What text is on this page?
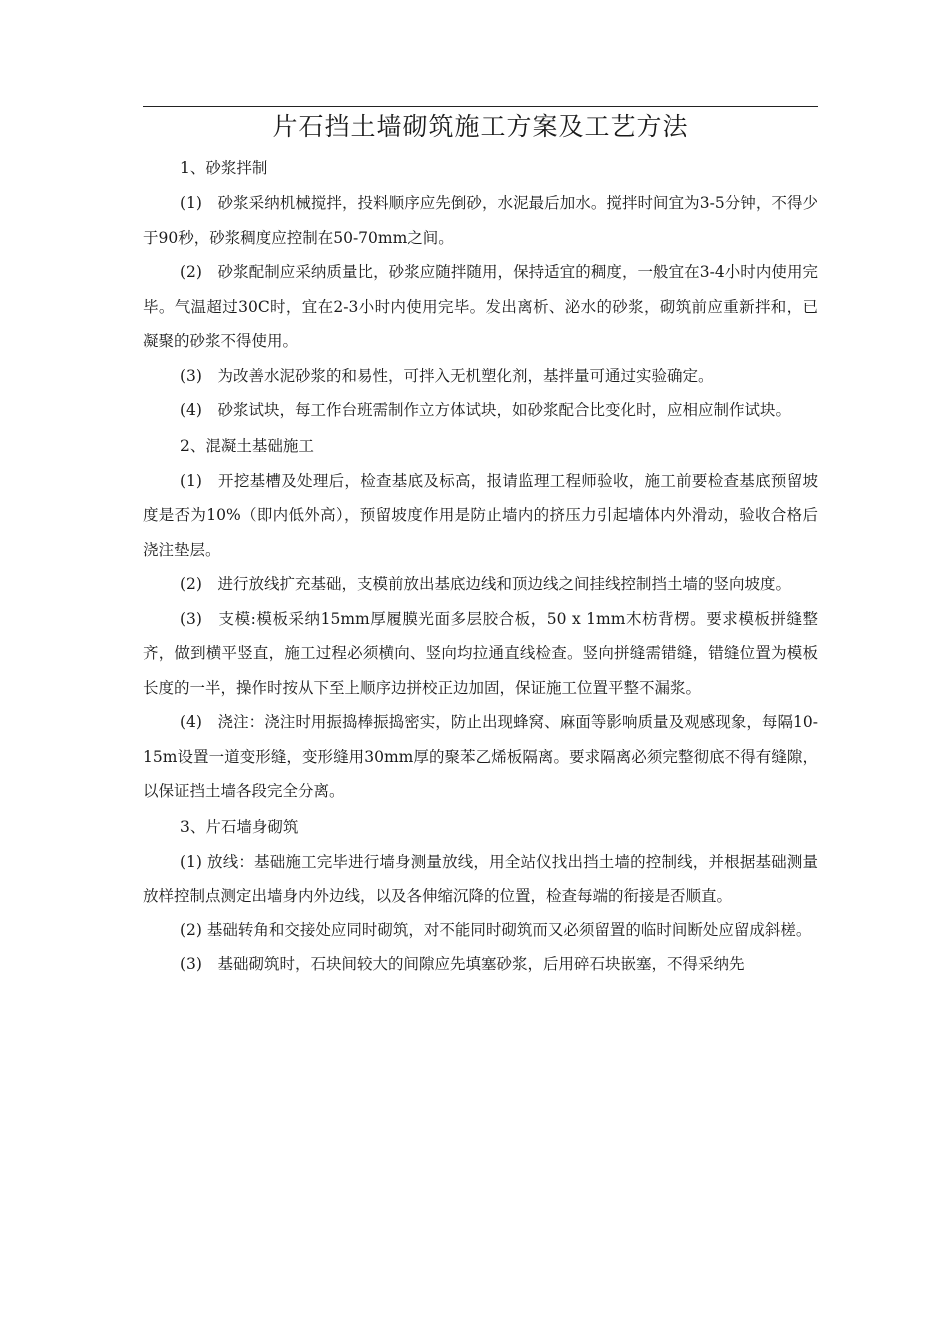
片石挡土墙砌筑施工方案及工艺方法

1、砂浆拌制

(1)　砂浆采纳机械搅拌，投料顺序应先倒砂，水泥最后加水。搅拌时间宜为3-5分钟，不得少于90秒，砂浆稠度应控制在50-70mm之间。

(2)　砂浆配制应采纳质量比，砂浆应随拌随用，保持适宜的稠度，一般宜在3-4小时内使用完毕。气温超过30C时，宜在2-3小时内使用完毕。发出离析、泌水的砂浆，砌筑前应重新拌和，已凝聚的砂浆不得使用。

(3)　为改善水泥砂浆的和易性，可拌入无机塑化剂，基拌量可通过实验确定。

(4)　砂浆试块，每工作台班需制作立方体试块，如砂浆配合比变化时，应相应制作试块。

2、混凝土基础施工

(1)　开挖基槽及处理后，检查基底及标高，报请监理工程师验收，施工前要检查基底预留坡度是否为10%（即内低外高），预留坡度作用是防止墙内的挤压力引起墙体内外滑动，验收合格后浇注垫层。

(2)　进行放线扩充基础，支模前放出基底边线和顶边线之间挂线控制挡土墙的竖向坡度。

(3)　支模:模板采纳15mm厚履膜光面多层胶合板，50 x 1mm木枋背楞。要求模板拼缝整齐，做到横平竖直，施工过程必须横向、竖向均拉通直线检查。竖向拼缝需错缝，错缝位置为模板长度的一半，操作时按从下至上顺序边拼校正边加固，保证施工位置平整不漏浆。

(4)　浇注：浇注时用振捣棒振捣密实，防止出现蜂窝、麻面等影响质量及观感现象，每隔10-15m设置一道变形缝，变形缝用30mm厚的聚苯乙烯板隔离。要求隔离必须完整彻底不得有缝隙，以保证挡土墙各段完全分离。

3、片石墙身砌筑

(1) 放线：基础施工完毕进行墙身测量放线，用全站仪找出挡土墙的控制线，并根据基础测量放样控制点测定出墙身内外边线，以及各伸缩沉降的位置，检查每端的衔接是否顺直。

(2) 基础转角和交接处应同时砌筑，对不能同时砌筑而又必须留置的临时间断处应留成斜槎。

(3)　基础砌筑时，石块间较大的间隙应先填塞砂浆，后用碎石块嵌塞，不得采纳先
